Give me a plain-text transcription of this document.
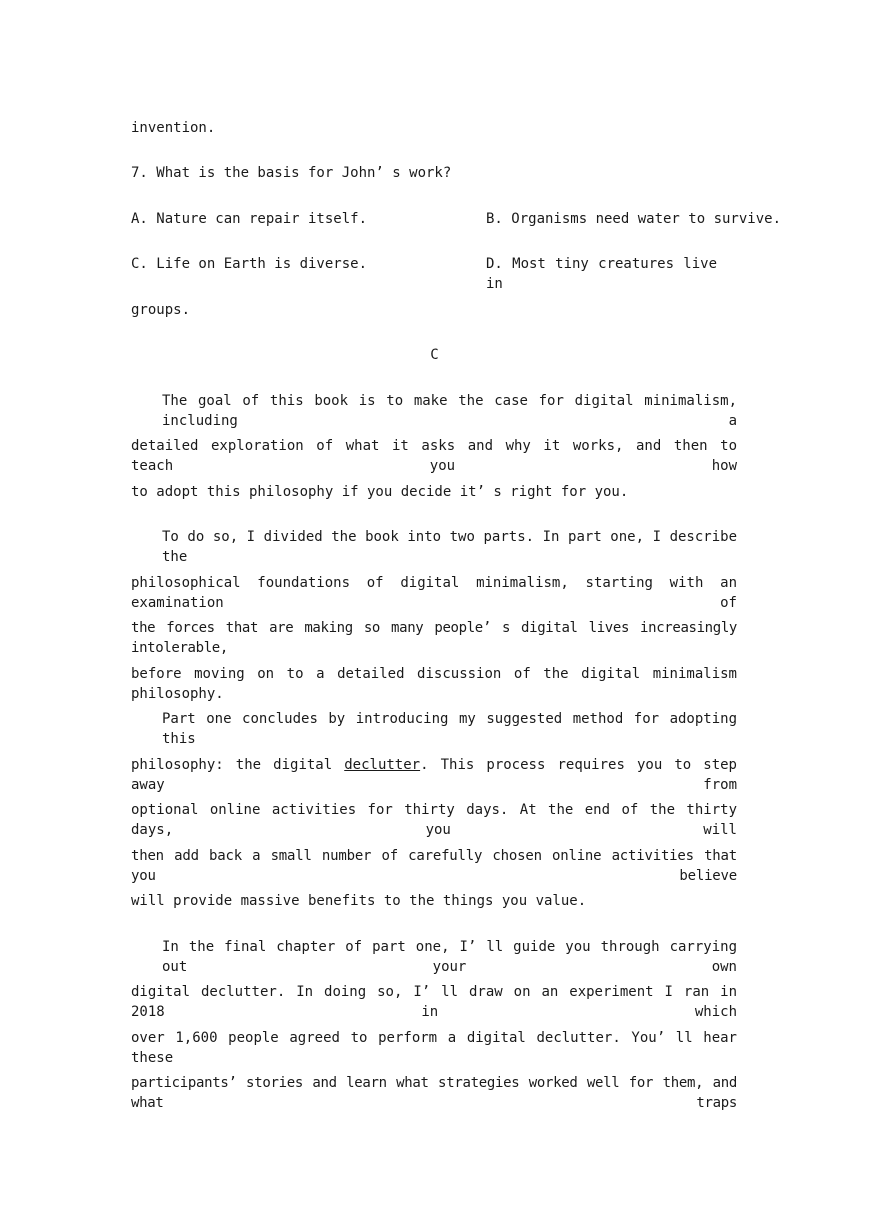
invention.
7. What is the basis for John’ s work?
A. Nature can repair itself.	B. Organisms need water to survive.
C. Life on Earth is diverse.	D. Most tiny creatures live in
groups.
C
The goal of this book is to make the case for digital minimalism, including a
detailed exploration of what it asks and why it works, and then to teach you how
to adopt this philosophy if you decide it’ s right for you.
To do so, I divided the book into two parts. In part one, I describe the
philosophical foundations of digital minimalism, starting with an examination of
the forces that are making so many people’ s digital lives increasingly intolerable,
before moving on to a detailed discussion of the digital minimalism philosophy.
Part one concludes by introducing my suggested method for adopting this
philosophy: the digital declutter. This process requires you to step away from
optional online activities for thirty days. At the end of the thirty days, you will
then add back a small number of carefully chosen online activities that you believe
will provide massive benefits to the things you value.
In the final chapter of part one, I’ ll guide you through carrying out your own
digital declutter. In doing so, I’ ll draw on an experiment I ran in 2018 in which
over 1,600 people agreed to perform a digital declutter. You’ ll hear these
participants’ stories and learn what strategies worked well for them, and what traps
